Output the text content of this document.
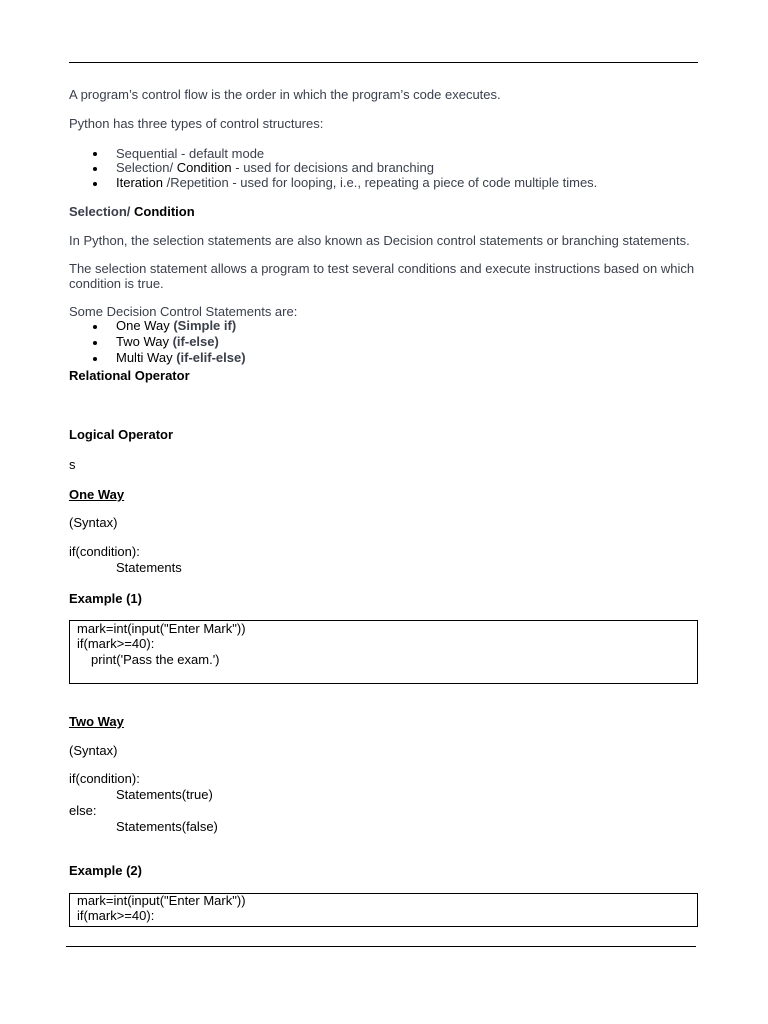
A program’s control flow is the order in which the program’s code executes.
Python has three types of control structures:
Sequential - default mode
Selection/ Condition - used for decisions and branching
Iteration /Repetition - used for looping, i.e., repeating a piece of code multiple times.
Selection/ Condition
In Python, the selection statements are also known as Decision control statements or branching statements.
The selection statement allows a program to test several conditions and execute instructions based on which
condition is true.
Some Decision Control Statements are:
One Way (Simple if)
Two Way (if-else)
Multi Way (if-elif-else)
Relational Operator
Logical Operator
s
One Way
(Syntax)
if(condition):
Statements
Example (1)
mark=int(input("Enter Mark"))
if(mark>=40):
print('Pass the exam.')
Two Way
(Syntax)
if(condition):
Statements(true)
else:
Statements(false)
Example (2)
mark=int(input("Enter Mark"))
if(mark>=40):
